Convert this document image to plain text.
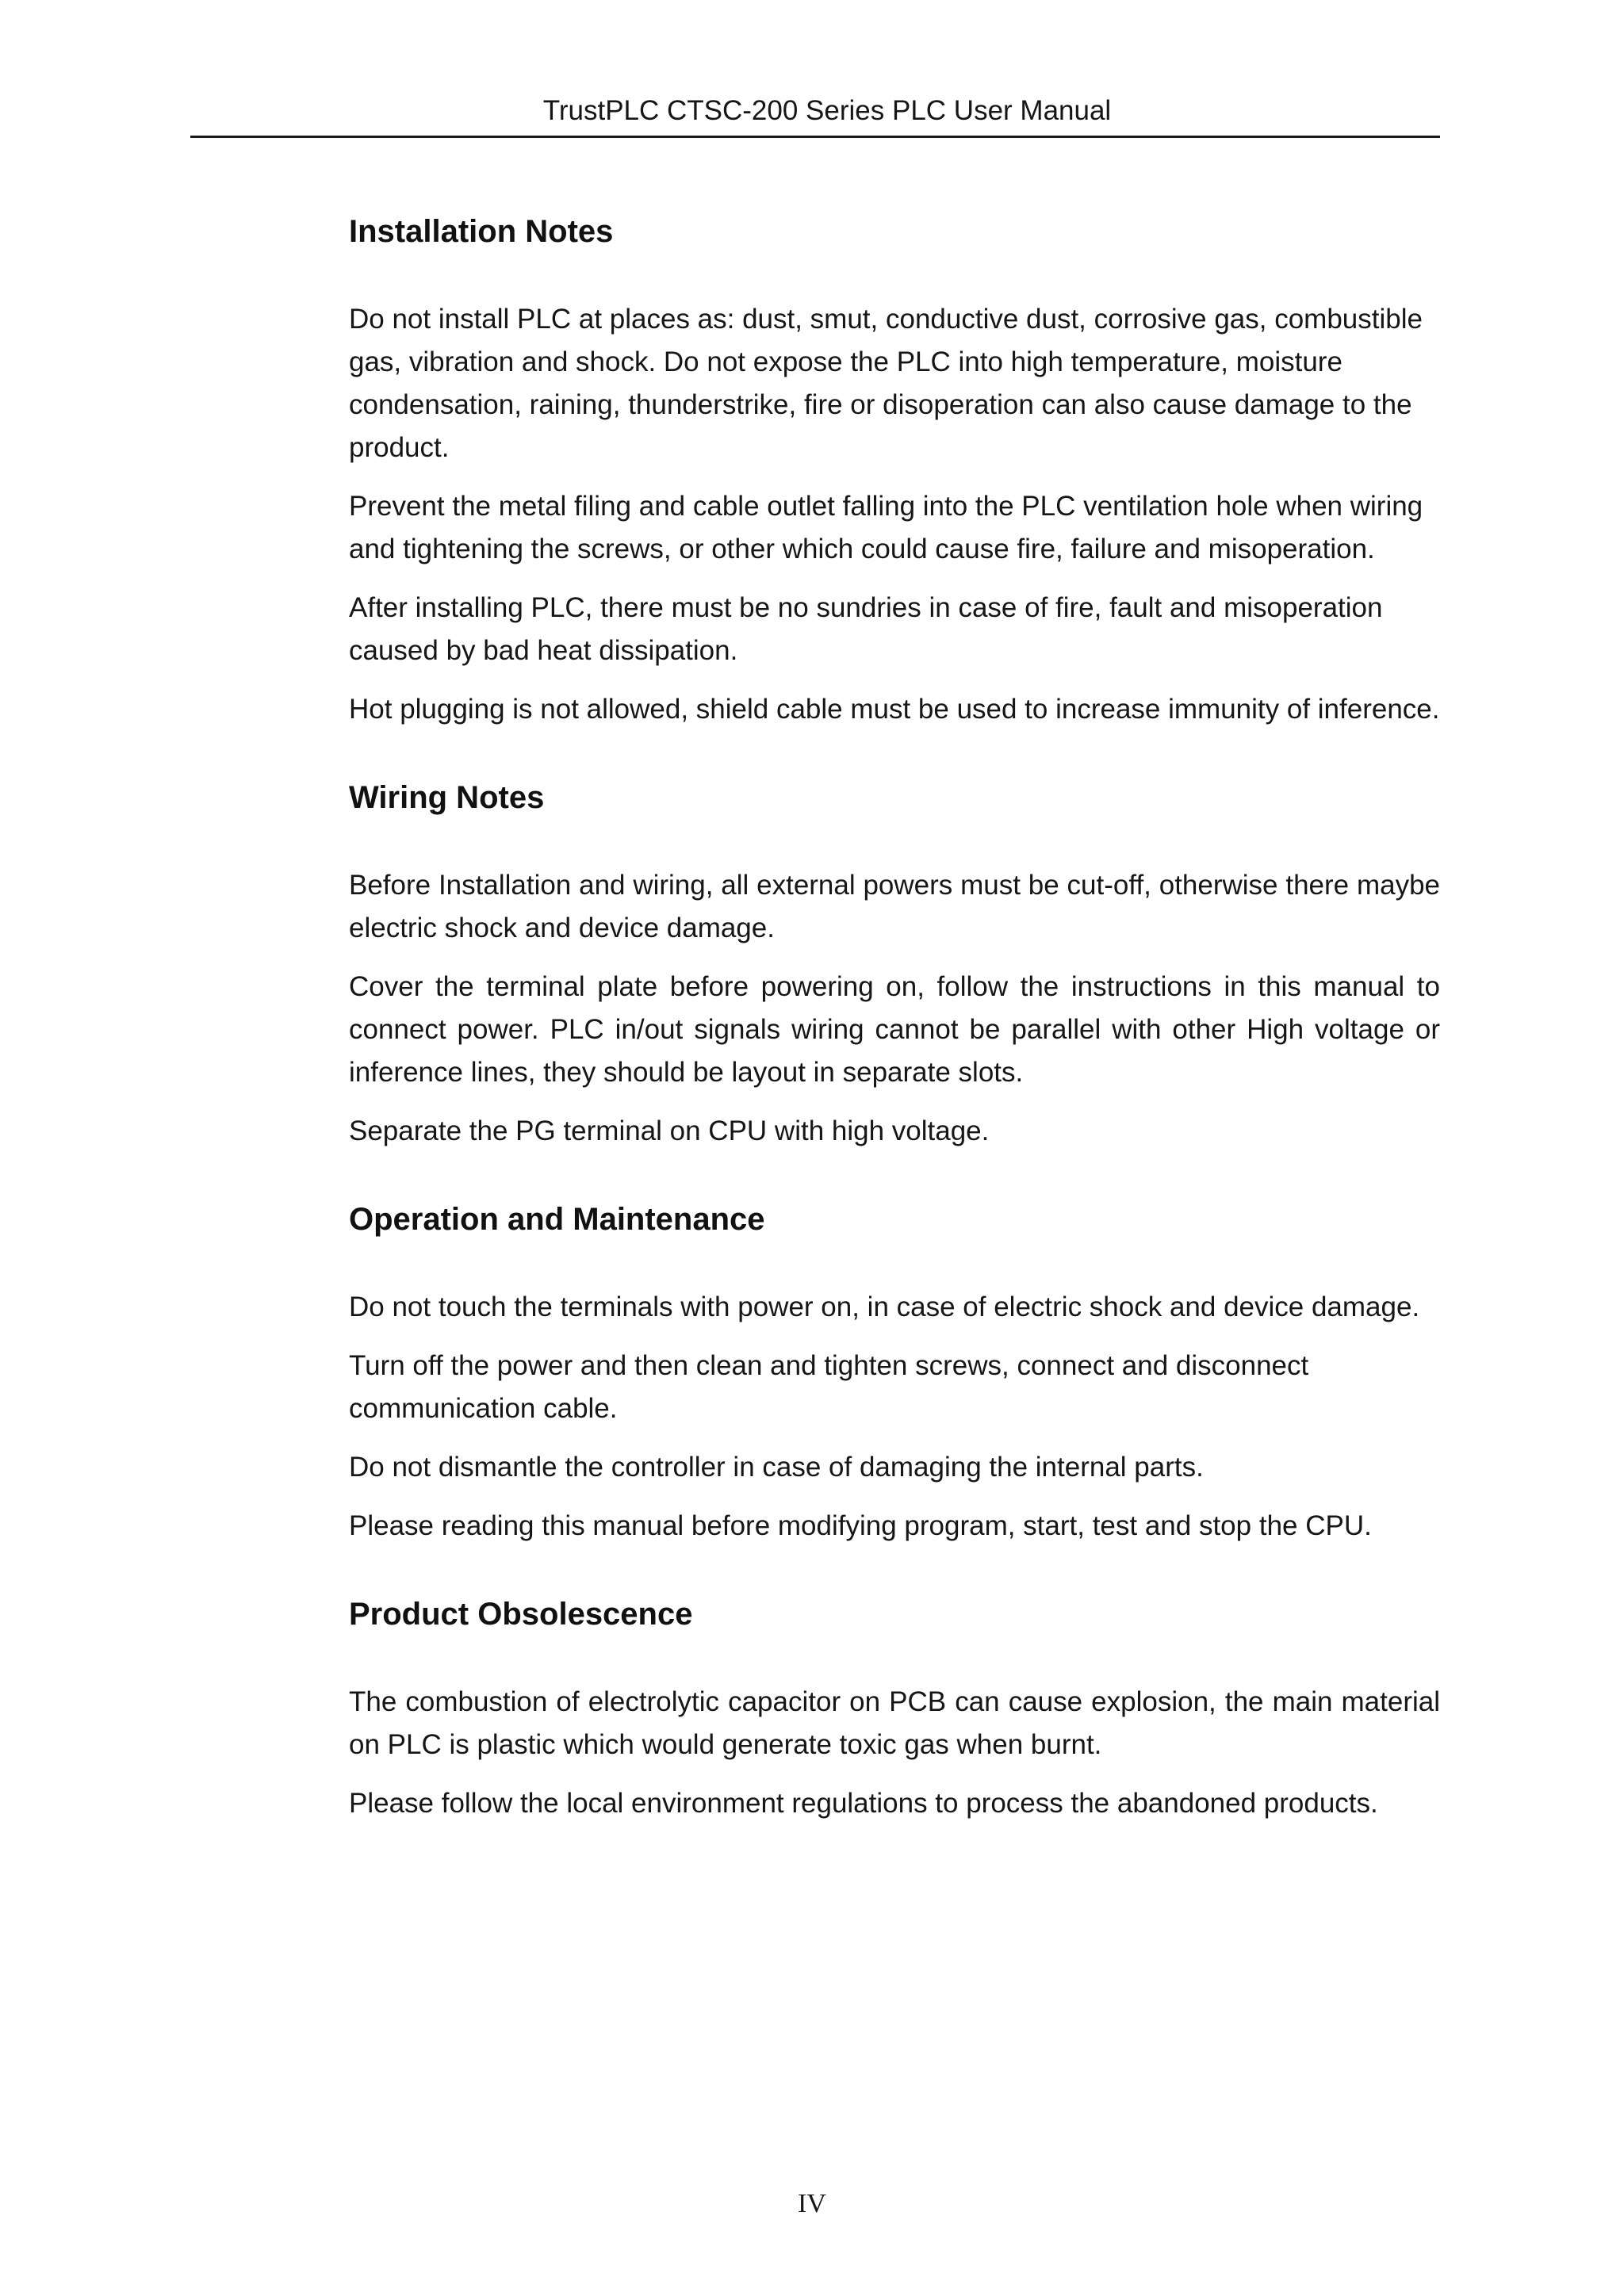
TrustPLC CTSC-200 Series PLC User Manual
Installation Notes

Do not install PLC at places as: dust, smut, conductive dust, corrosive gas, combustible gas, vibration and shock. Do not expose the PLC into high temperature, moisture condensation, raining, thunderstrike, fire or disoperation can also cause damage to the product.

Prevent the metal filing and cable outlet falling into the PLC ventilation hole when wiring and tightening the screws, or other which could cause fire, failure and misoperation.

After installing PLC, there must be no sundries in case of fire, fault and misoperation caused by bad heat dissipation.

Hot plugging is not allowed, shield cable must be used to increase immunity of inference.

Wiring Notes

Before Installation and wiring, all external powers must be cut-off, otherwise there maybe electric shock and device damage.

Cover the terminal plate before powering on, follow the instructions in this manual to connect power. PLC in/out signals wiring cannot be parallel with other High voltage or inference lines, they should be layout in separate slots.

Separate the PG terminal on CPU with high voltage.

Operation and Maintenance

Do not touch the terminals with power on, in case of electric shock and device damage.

Turn off the power and then clean and tighten screws, connect and disconnect communication cable.

Do not dismantle the controller in case of damaging the internal parts.

Please reading this manual before modifying program, start, test and stop the CPU.

Product Obsolescence

The combustion of electrolytic capacitor on PCB can cause explosion, the main material on PLC is plastic which would generate toxic gas when burnt.

Please follow the local environment regulations to process the abandoned products.

IV
